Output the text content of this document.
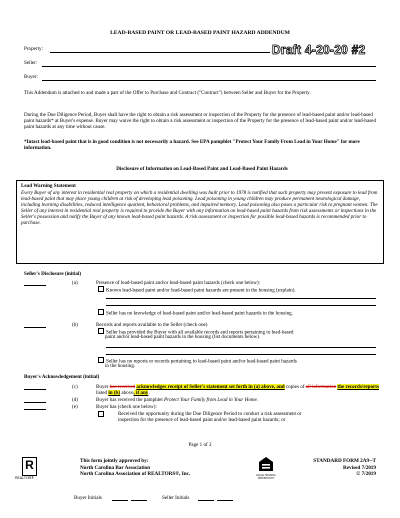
LEAD-BASED PAINT OR LEAD-BASED PAINT HAZARD ADDENDUM
Draft 4-20-20 #2
Property:
Seller:
Buyer:
This Addendum is attached to and made a part of the Offer to Purchase and Contract ("Contract") between Seller and Buyer for the Property.
During the Due Diligence Period, Buyer shall have the right to obtain a risk assessment or inspection of the Property for the presence of lead-based paint and/or lead-based paint hazards* at Buyer's expense. Buyer may waive the right to obtain a risk assessment or inspection of the Property for the presence of lead-based paint and/or lead-based paint hazards at any time without cause.
*Intact lead-based paint that is in good condition is not necessarily a hazard. See EPA pamphlet "Protect Your Family From Lead in Your Home" for more information.
Disclosure of Information on Lead-Based Paint and Lead-Based Paint Hazards
Lead Warning Statement
Every Buyer of any interest in residential real property on which a residential dwelling was built prior to 1978 is notified that such property may present exposure to lead from lead-based paint that may place young children at risk of developing lead poisoning. Lead poisoning in young children may produce permanent neurological damage, including learning disabilities, reduced intelligence quotient, behavioral problems, and impaired memory. Lead poisoning also poses a particular risk to pregnant women. The Seller of any interest in residential real property is required to provide the Buyer with any information on lead-based paint hazards from risk assessments or inspections in the Seller's possession and notify the Buyer of any known lead-based paint hazards. A risk assessment or inspection for possible lead-based hazards is recommended prior to purchase.
Seller's Disclosure (initial)
(a)	Presence of lead-based paint and/or lead-based paint hazards (check one below):
Known lead-based paint and/or lead-based paint hazards are present in the housing (explain).
Seller has no knowledge of lead-based paint and/or lead-based paint hazards in the housing.
(b)	Records and reports available to the Seller (check one)
Seller has provided the Buyer with all available records and reports pertaining to lead-based
paint and/or lead-based paint hazards in the housing (list documents below).
Seller has no reports or records pertaining to lead-based paint and/or lead-based paint hazards
in the housing.
Buyer's Acknowledgement (initial)
(c)	Buyer has received acknowledges receipt of Seller's statement set forth in (a) above, and copies of all information the records/reports listed in (b) above, if any.
(d)	Buyer has received the pamphlet Protect Your Family from Lead in Your Home.
(e)	Buyer has (check one below):
Received the opportunity during the Due Diligence Period to conduct a risk assessment or
inspection for the presence of lead-based paint and/or lead-based paint hazards; or
Page 1 of 2
R
REALTOR®
This form jointly approved by:
North Carolina Bar Association
North Carolina Association of REALTORS®, Inc.	EQUAL HOUSING OPPORTUNITY
STANDARD FORM 2A9--T
Revised 7/2019
© 7/2019
Buyer Initials	Seller Initials
